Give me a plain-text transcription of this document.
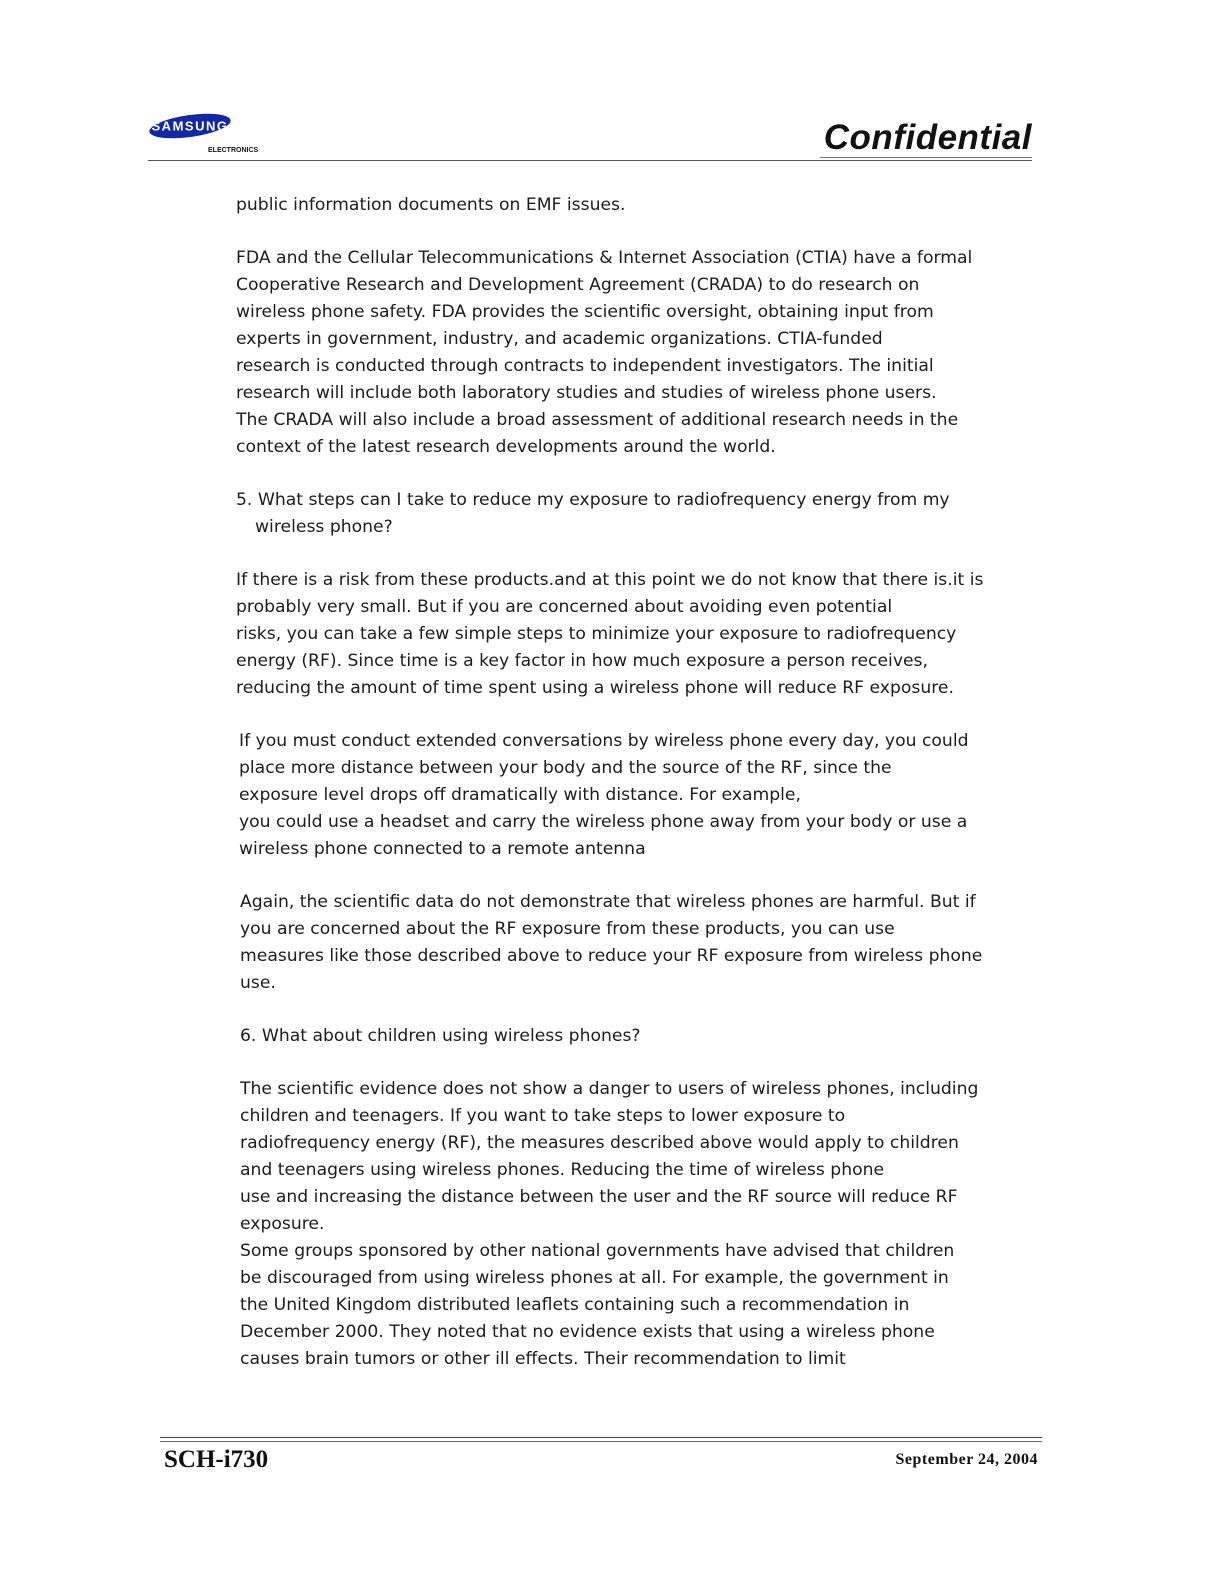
SAMSUNG
ELECTRONICS	Confidential

public information documents on EMF issues.

FDA and the Cellular Telecommunications & Internet Association (CTIA) have a formal
Cooperative Research and Development Agreement (CRADA) to do research on
wireless phone safety. FDA provides the scientific oversight, obtaining input from
experts in government, industry, and academic organizations. CTIA-funded
research is conducted through contracts to independent investigators. The initial
research will include both laboratory studies and studies of wireless phone users.
The CRADA will also include a broad assessment of additional research needs in the
context of the latest research developments around the world.

5. What steps can I take to reduce my exposure to radiofrequency energy from my
wireless phone?

If there is a risk from these products.and at this point we do not know that there is.it is
probably very small. But if you are concerned about avoiding even potential
risks, you can take a few simple steps to minimize your exposure to radiofrequency
energy (RF). Since time is a key factor in how much exposure a person receives,
reducing the amount of time spent using a wireless phone will reduce RF exposure.

If you must conduct extended conversations by wireless phone every day, you could
place more distance between your body and the source of the RF, since the
exposure level drops off dramatically with distance. For example,
you could use a headset and carry the wireless phone away from your body or use a
wireless phone connected to a remote antenna

Again, the scientific data do not demonstrate that wireless phones are harmful. But if
you are concerned about the RF exposure from these products, you can use
measures like those described above to reduce your RF exposure from wireless phone
use.

6. What about children using wireless phones?

The scientific evidence does not show a danger to users of wireless phones, including
children and teenagers. If you want to take steps to lower exposure to
radiofrequency energy (RF), the measures described above would apply to children
and teenagers using wireless phones. Reducing the time of wireless phone
use and increasing the distance between the user and the RF source will reduce RF
exposure.

Some groups sponsored by other national governments have advised that children
be discouraged from using wireless phones at all. For example, the government in
the United Kingdom distributed leaflets containing such a recommendation in
December 2000. They noted that no evidence exists that using a wireless phone
causes brain tumors or other ill effects. Their recommendation to limit

SCH-i730	September 24, 2004
